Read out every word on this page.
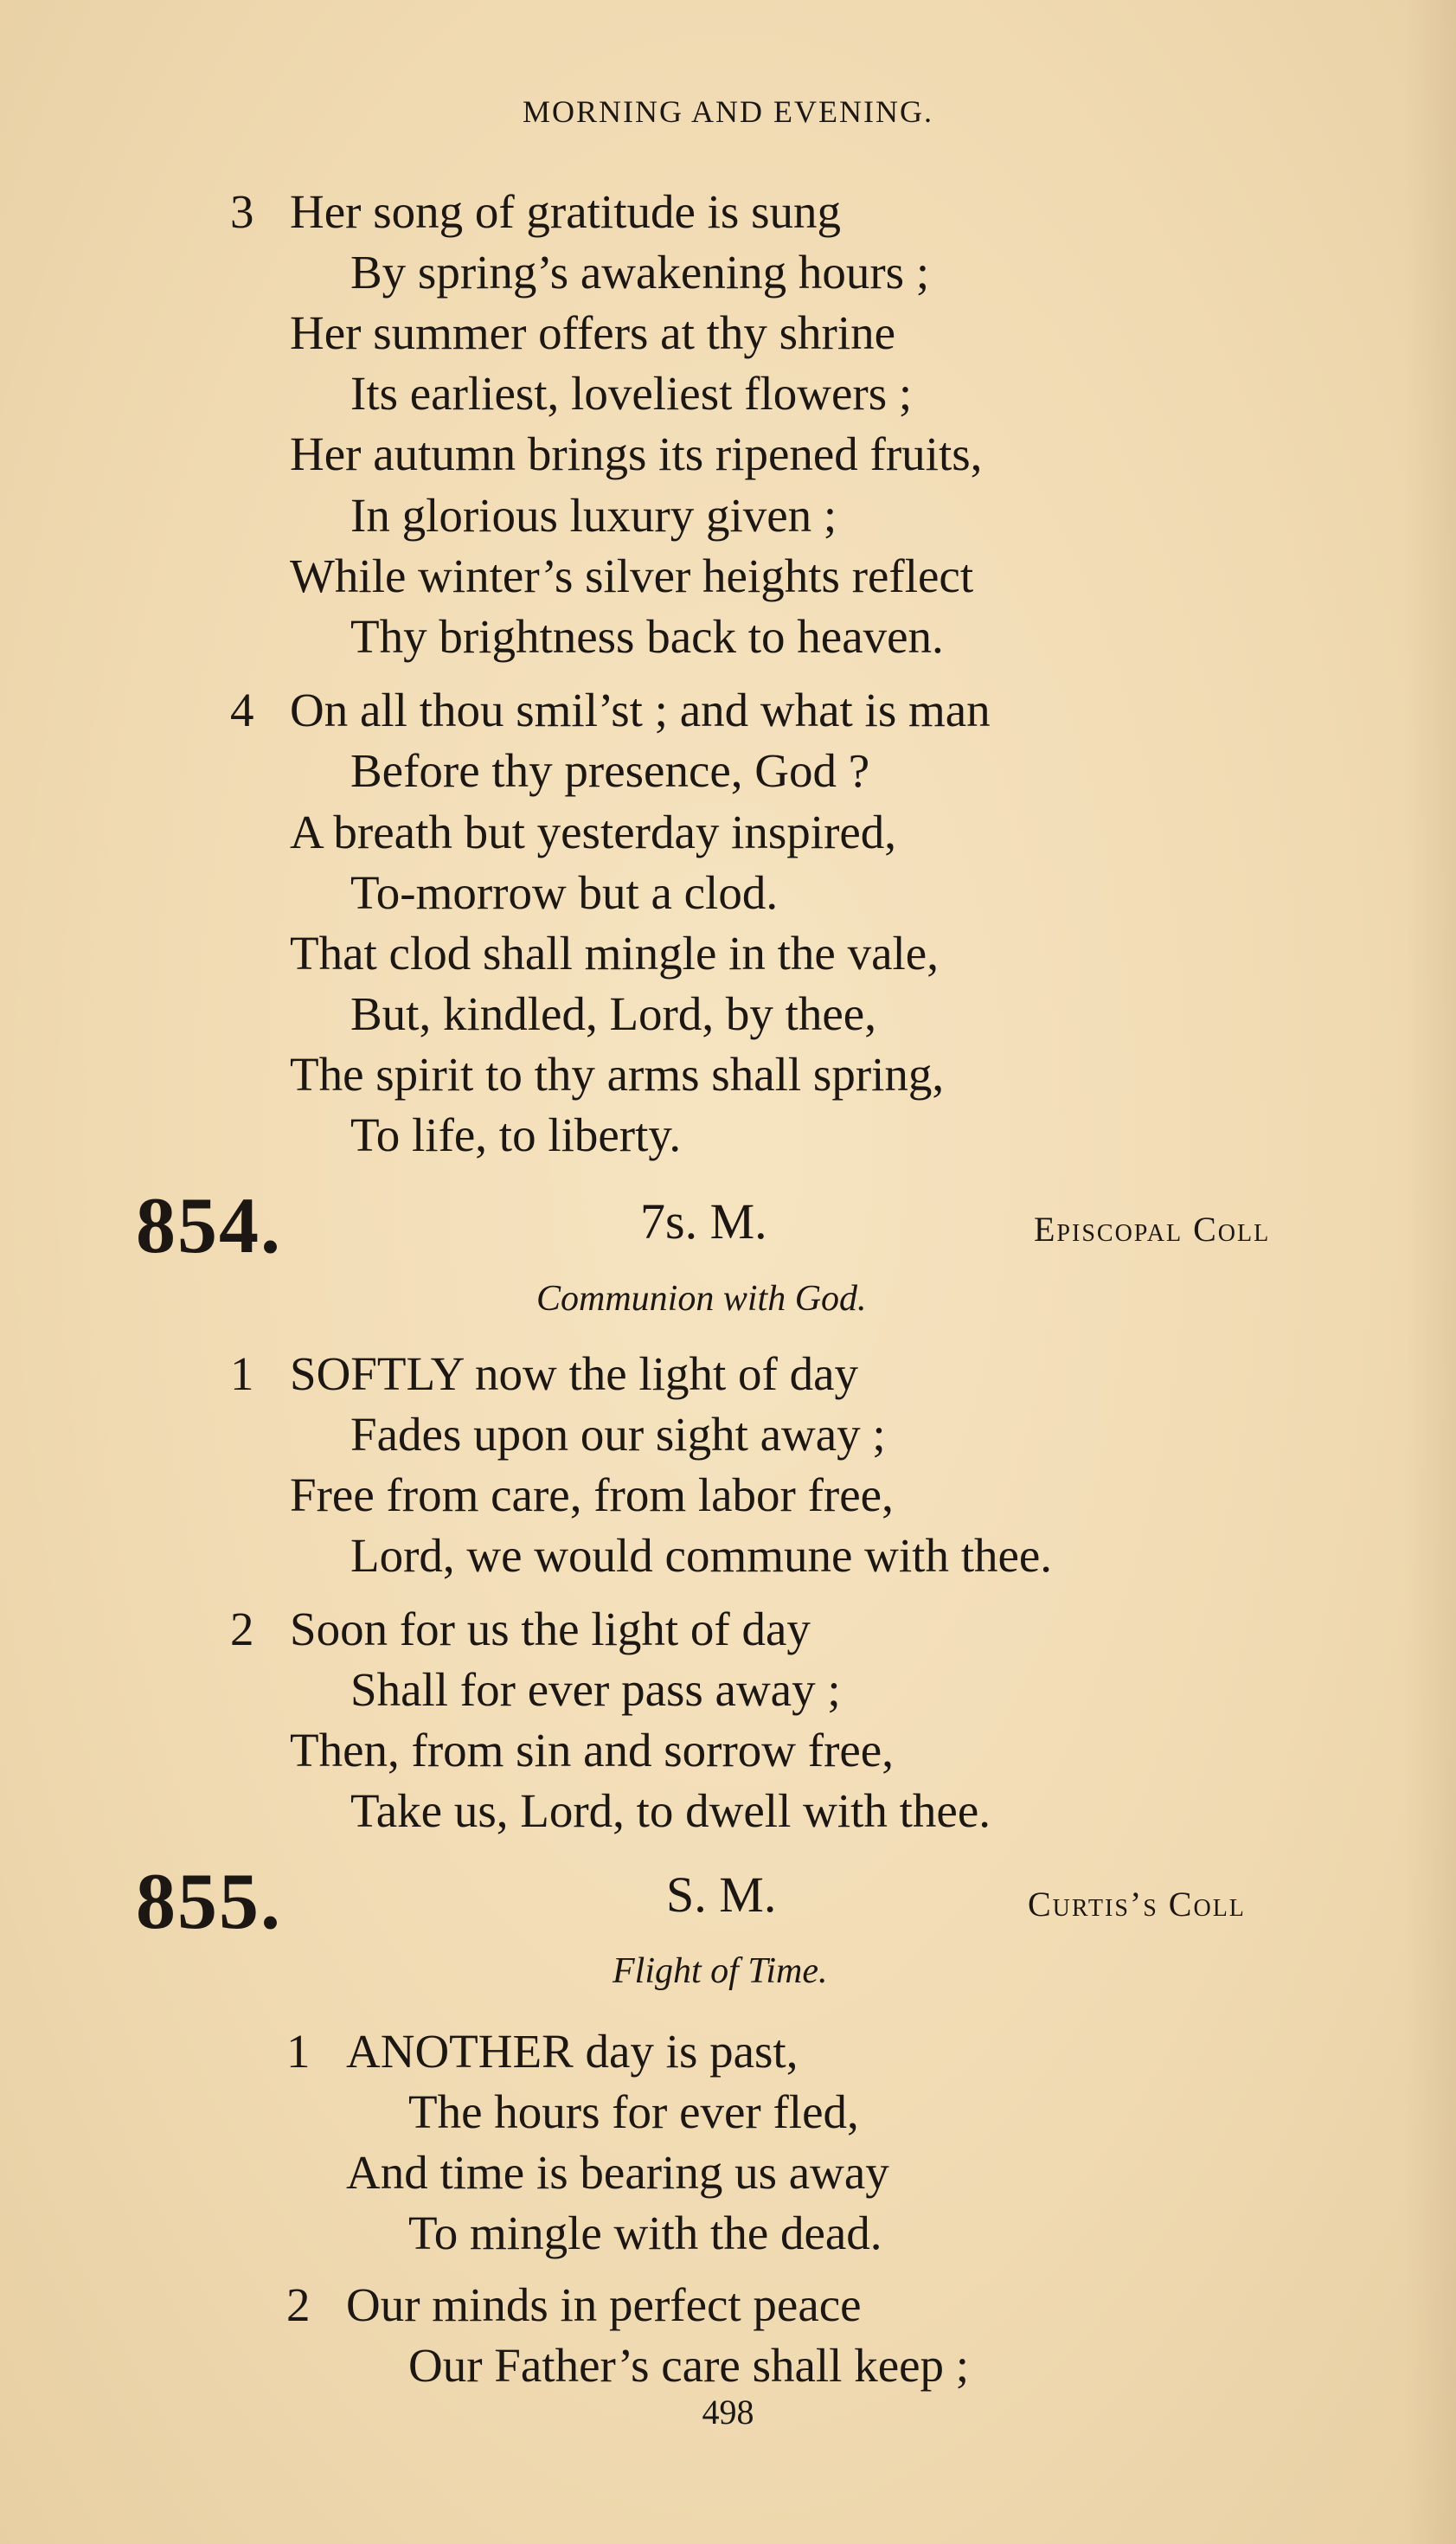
MORNING AND EVENING.
3 Her song of gratitude is sung
By spring’s awakening hours ;
Her summer offers at thy shrine
Its earliest, loveliest flowers ;
Her autumn brings its ripened fruits,
In glorious luxury given ;
While winter’s silver heights reflect
Thy brightness back to heaven.
4 On all thou smil’st ; and what is man
Before thy presence, God ?
A breath but yesterday inspired,
To-morrow but a clod.
That clod shall mingle in the vale,
But, kindled, Lord, by thee,
The spirit to thy arms shall spring,
To life, to liberty.
854.	7s. M.	Episcopal Coll
Communion with God.
1 SOFTLY now the light of day
Fades upon our sight away ;
Free from care, from labor free,
Lord, we would commune with thee.
2 Soon for us the light of day
Shall for ever pass away ;
Then, from sin and sorrow free,
Take us, Lord, to dwell with thee.
855.	S. M.	Curtis’s Coll
Flight of Time.
1 ANOTHER day is past,
The hours for ever fled,
And time is bearing us away
To mingle with the dead.
2 Our minds in perfect peace
Our Father’s care shall keep ;
498
